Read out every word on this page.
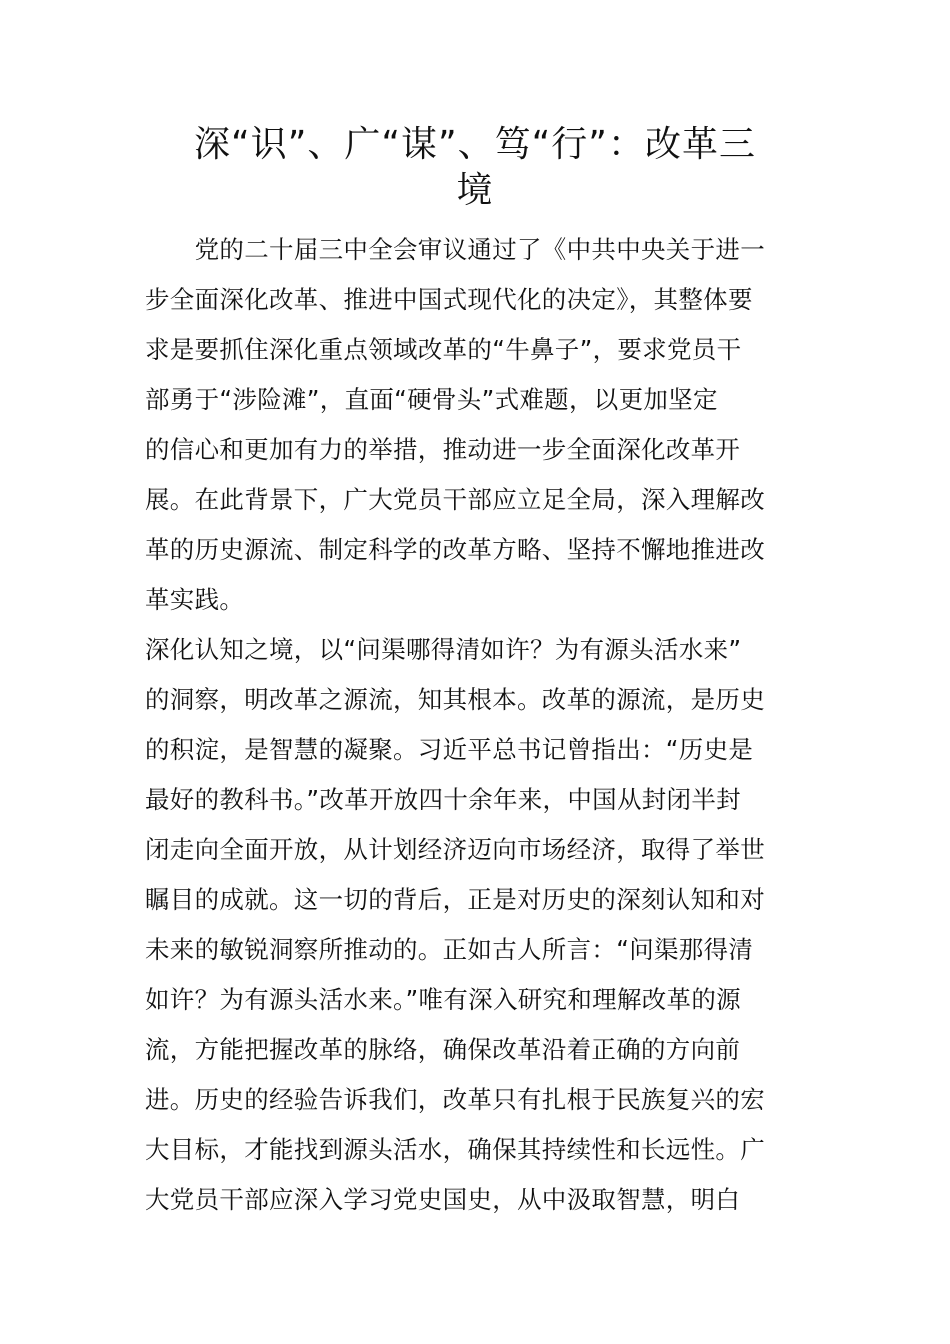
深“识”、广“谋”、笃“行”：改革三
境
　　党的二十届三中全会审议通过了《中共中央关于进一
步全面深化改革、推进中国式现代化的决定》，其整体要
求是要抓住深化重点领域改革的“牛鼻子”，要求党员干
部勇于“涉险滩”，直面“硬骨头”式难题，以更加坚定
的信心和更加有力的举措，推动进一步全面深化改革开
展。在此背景下，广大党员干部应立足全局，深入理解改
革的历史源流、制定科学的改革方略、坚持不懈地推进改
革实践。
深化认知之境，以“问渠哪得清如许？为有源头活水来”
的洞察，明改革之源流，知其根本。改革的源流，是历史
的积淀，是智慧的凝聚。习近平总书记曾指出：“历史是
最好的教科书。”改革开放四十余年来，中国从封闭半封
闭走向全面开放，从计划经济迈向市场经济，取得了举世
瞩目的成就。这一切的背后，正是对历史的深刻认知和对
未来的敏锐洞察所推动的。正如古人所言：“问渠那得清
如许？为有源头活水来。”唯有深入研究和理解改革的源
流，方能把握改革的脉络，确保改革沿着正确的方向前
进。历史的经验告诉我们，改革只有扎根于民族复兴的宏
大目标，才能找到源头活水，确保其持续性和长远性。广
大党员干部应深入学习党史国史，从中汲取智慧，明白
